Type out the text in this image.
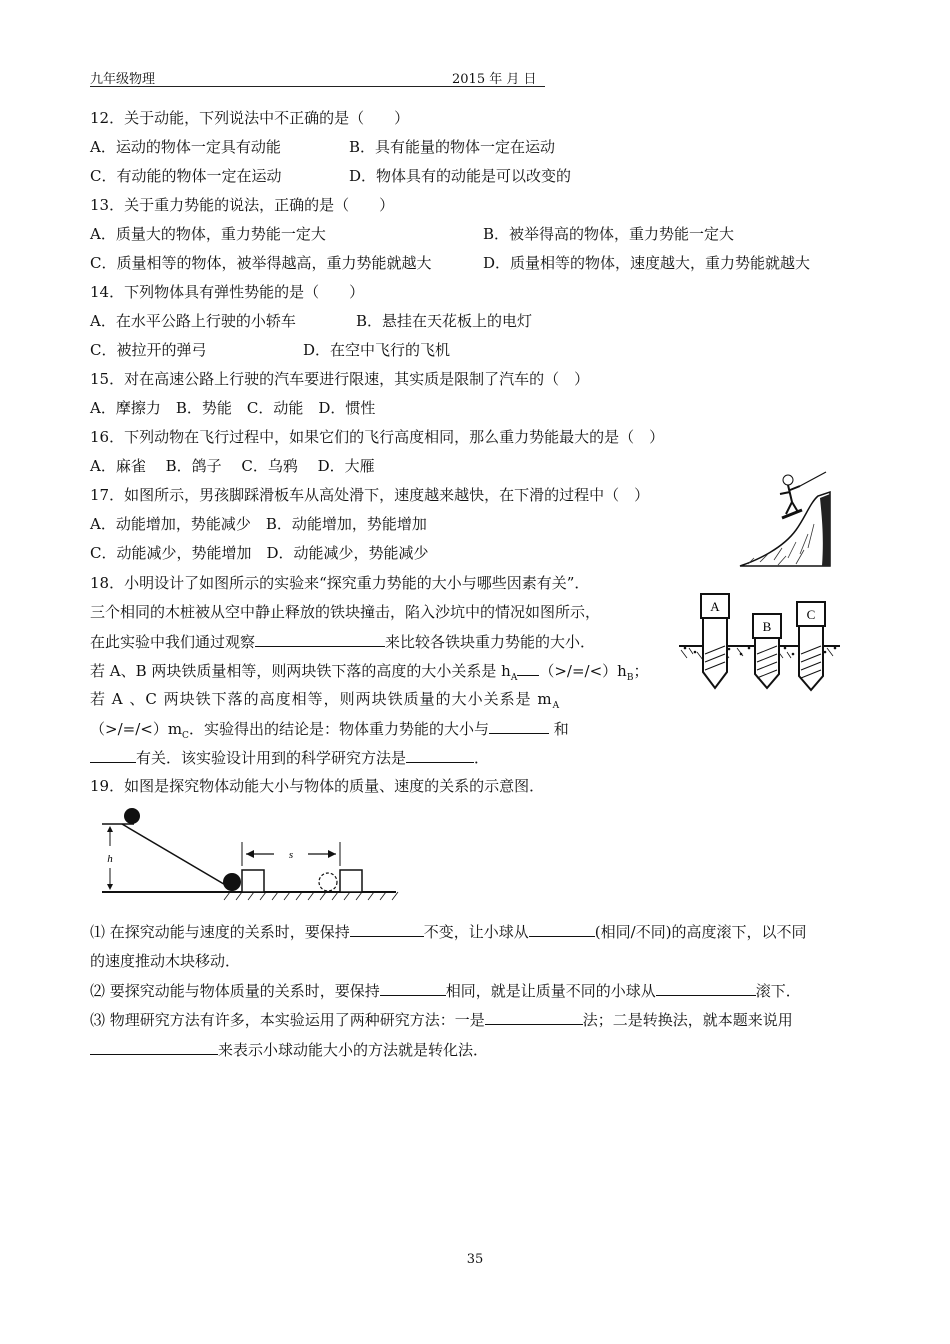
九年级物理	2015 年 月 日
12．关于动能，下列说法中不正确的是（　　）
A．运动的物体一定具有动能	B．具有能量的物体一定在运动
C．有动能的物体一定在运动	D．物体具有的动能是可以改变的
13．关于重力势能的说法，正确的是（　　）
A．质量大的物体，重力势能一定大	B．被举得高的物体，重力势能一定大
C．质量相等的物体，被举得越高，重力势能就越大	D．质量相等的物体，速度越大，重力势能就越大
14．下列物体具有弹性势能的是（　　）
A．在水平公路上行驶的小轿车	B．悬挂在天花板上的电灯
C．被拉开的弹弓	D．在空中飞行的飞机
15．对在高速公路上行驶的汽车要进行限速，其实质是限制了汽车的（　）
A．摩擦力　B．势能　C．动能　D．惯性
16．下列动物在飞行过程中，如果它们的飞行高度相同，那么重力势能最大的是（　）
A．麻雀　 B．鸽子　 C．乌鸦　 D．大雁
17．如图所示，男孩脚踩滑板车从高处滑下，速度越来越快，在下滑的过程中（　）
A．动能增加，势能减少　B．动能增加，势能增加
C．动能减少，势能增加　D．动能减少，势能减少
18．小明设计了如图所示的实验来“探究重力势能的大小与哪些因素有关”．
三个相同的木桩被从空中静止释放的铁块撞击，陷入沙坑中的情况如图所示，
在此实验中我们通过观察	来比较各铁块重力势能的大小．
若 A、B 两块铁质量相等，则两块铁下落的高度的大小关系是 $h_A$ $(>/=/<)h_B$；
若 A 、C 两块铁下落的高度相等，则两块铁质量的大小关系是 $m_A$
$(>/=/<)m_C$．实验得出的结论是：物体重力势能的大小与	和
有关．该实验设计用到的科学研究方法是	．
A
B
C
19．如图是探究物体动能大小与物体的质量、速度的关系的示意图．
h	s
⑴ 在探究动能与速度的关系时，要保持	不变，让小球从	(相同/不同)的高度滚下，以不同
的速度推动木块移动．
⑵ 要探究动能与物体质量的关系时，要保持	相同，就是让质量不同的小球从	滚下．
⑶ 物理研究方法有许多，本实验运用了两种研究方法：一是	法；二是转换法，就本题来说用
来表示小球动能大小的方法就是转化法．
35
